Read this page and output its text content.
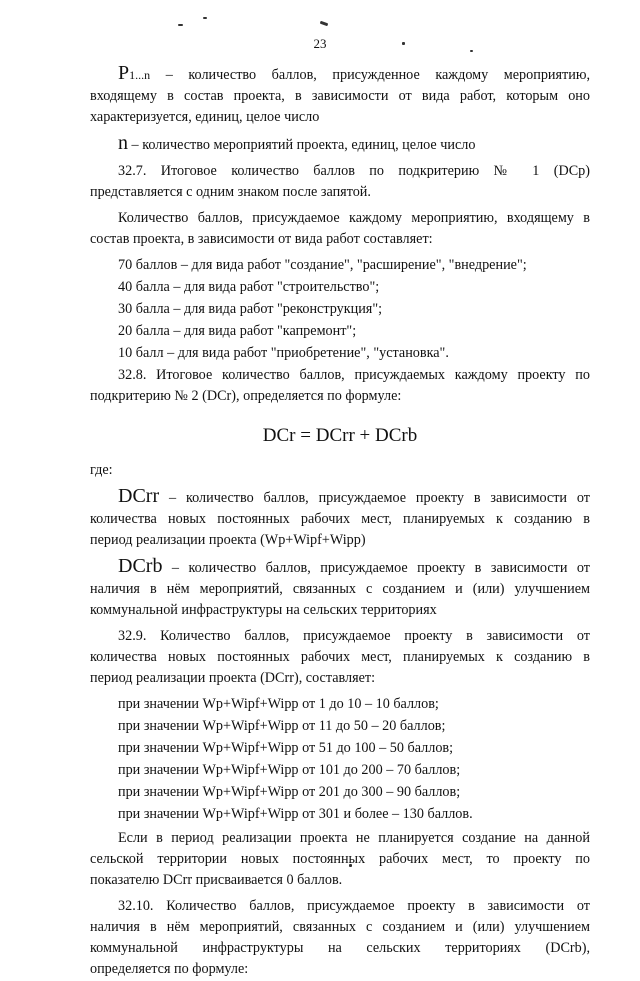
23

P1...n – количество баллов, присужденное каждому мероприятию,

входящему в состав проекта, в зависимости от вида работ, которым оно

характеризуется, единиц, целое число

n – количество мероприятий проекта, единиц, целое число

32.7. Итоговое количество баллов по подкритерию № 1 (DCp)

представляется с одним знаком после запятой.

Количество баллов, присуждаемое каждому мероприятию, входящему в

состав проекта, в зависимости от вида работ составляет:

70 баллов – для вида работ "создание", "расширение", "внедрение";

40 балла – для вида работ "строительство";

30 балла – для вида работ "реконструкция";

20 балла – для вида работ "капремонт";

10 балл – для вида работ "приобретение", "установка".

32.8. Итоговое количество баллов, присуждаемых каждому проекту по

подкритерию № 2 (DCr), определяется по формуле:

DCr = DCrr + DCrb

где:

DCrr – количество баллов, присуждаемое проекту в зависимости от

количества новых постоянных рабочих мест, планируемых к созданию в

период реализации проекта (Wp+Wipf+Wipp)

DCrb – количество баллов, присуждаемое проекту в зависимости от

наличия в нём мероприятий, связанных с созданием и (или) улучшением

коммунальной инфраструктуры на сельских территориях

32.9. Количество баллов, присуждаемое проекту в зависимости от

количества новых постоянных рабочих мест, планируемых к созданию в

период реализации проекта (DCrr), составляет:

при значении Wp+Wipf+Wipp от 1 до 10 – 10 баллов;

при значении Wp+Wipf+Wipp от 11 до 50 – 20 баллов;

при значении Wp+Wipf+Wipp от 51 до 100 – 50 баллов;

при значении Wp+Wipf+Wipp от 101 до 200 – 70 баллов;

при значении Wp+Wipf+Wipp от 201 до 300 – 90 баллов;

при значении Wp+Wipf+Wipp от 301 и более – 130 баллов.

Если в период реализации проекта не планируется создание на данной

сельской территории новых постоянных рабочих мест, то проекту по

показателю DCrr присваивается 0 баллов.

32.10. Количество баллов, присуждаемое проекту в зависимости от

наличия в нём мероприятий, связанных с созданием и (или) улучшением

коммунальной инфраструктуры на сельских территориях (DCrb),

определяется по формуле:
